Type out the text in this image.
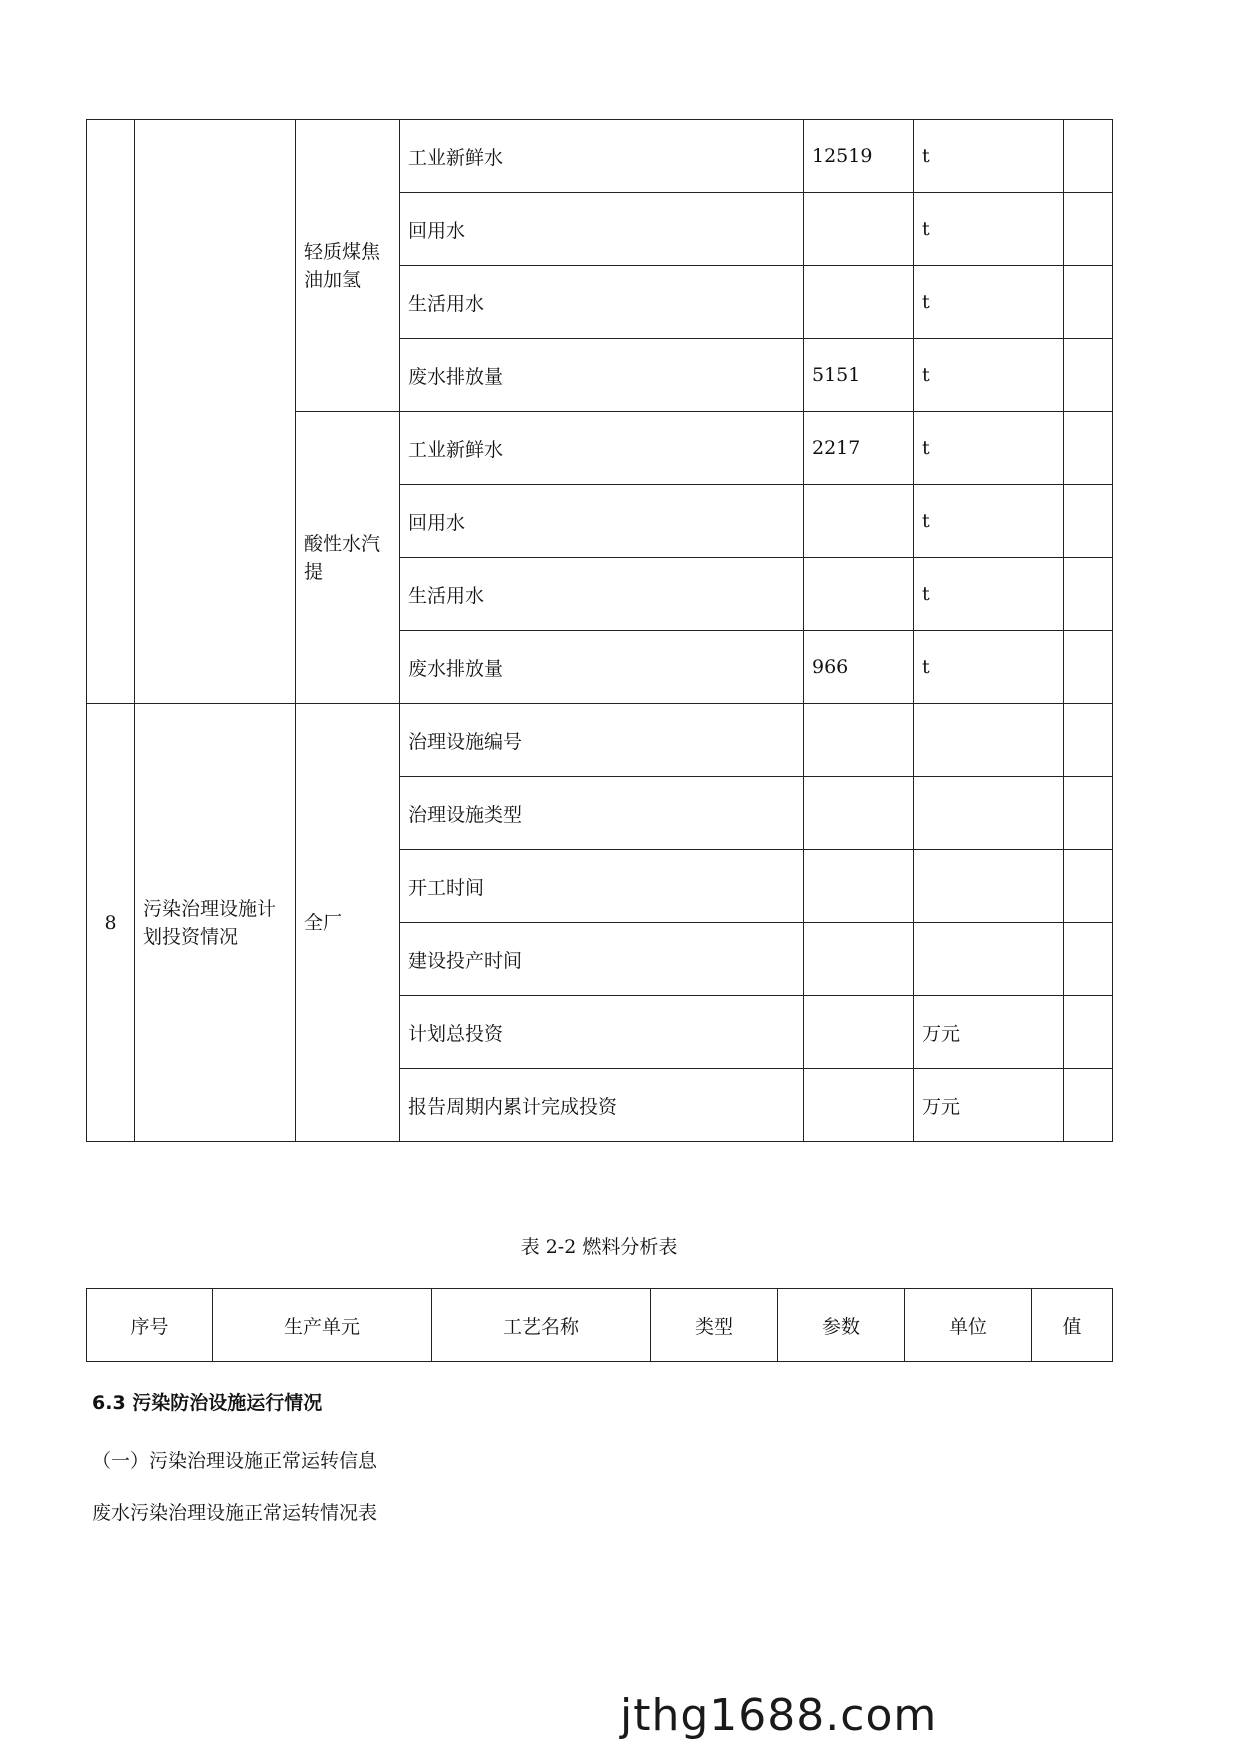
		轻质煤焦油加氢	工业新鲜水	12519	t	
			回用水		t	
			生活用水		t	
			废水排放量	5151	t	
		酸性水汽提	工业新鲜水	2217	t	
			回用水		t	
			生活用水		t	
			废水排放量	966	t	
8	污染治理设施计划投资情况	全厂	治理设施编号			
			治理设施类型			
			开工时间			
			建设投产时间			
			计划总投资		万元	
			报告周期内累计完成投资		万元	
表 2-2 燃料分析表
序号	生产单元	工艺名称	类型	参数	单位	值
6.3 污染防治设施运行情况
（一）污染治理设施正常运转信息
废水污染治理设施正常运转情况表
jthg1688.com
